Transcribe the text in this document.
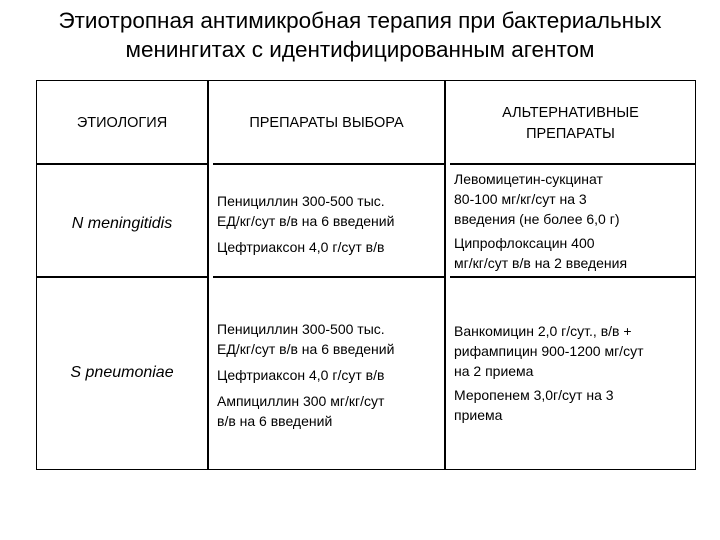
Этиотропная антимикробная терапия при бактериальных
менингитах с идентифицированным агентом
ЭТИОЛОГИЯ	ПРЕПАРАТЫ ВЫБОРА
АЛЬТЕРНАТИВНЫЕ
ПРЕПАРАТЫ
N meningitidis
Пенициллин 300-500 тыс.
ЕД/кг/сут в/в на 6 введений
Цефтриаксон 4,0 г/сут в/в
Левомицетин-сукцинат
80-100 мг/кг/сут на 3
введения (не более 6,0 г)
Ципрофлоксацин 400
мг/кг/сут в/в на 2 введения
S pneumoniae
Пенициллин 300-500 тыс.
ЕД/кг/сут в/в на 6 введений
Цефтриаксон 4,0 г/сут в/в
Ампициллин 300 мг/кг/сут
в/в на 6 введений
Ванкомицин 2,0 г/сут., в/в +
рифампицин 900-1200 мг/сут
на 2 приема
Меропенем 3,0г/сут на 3
приема
